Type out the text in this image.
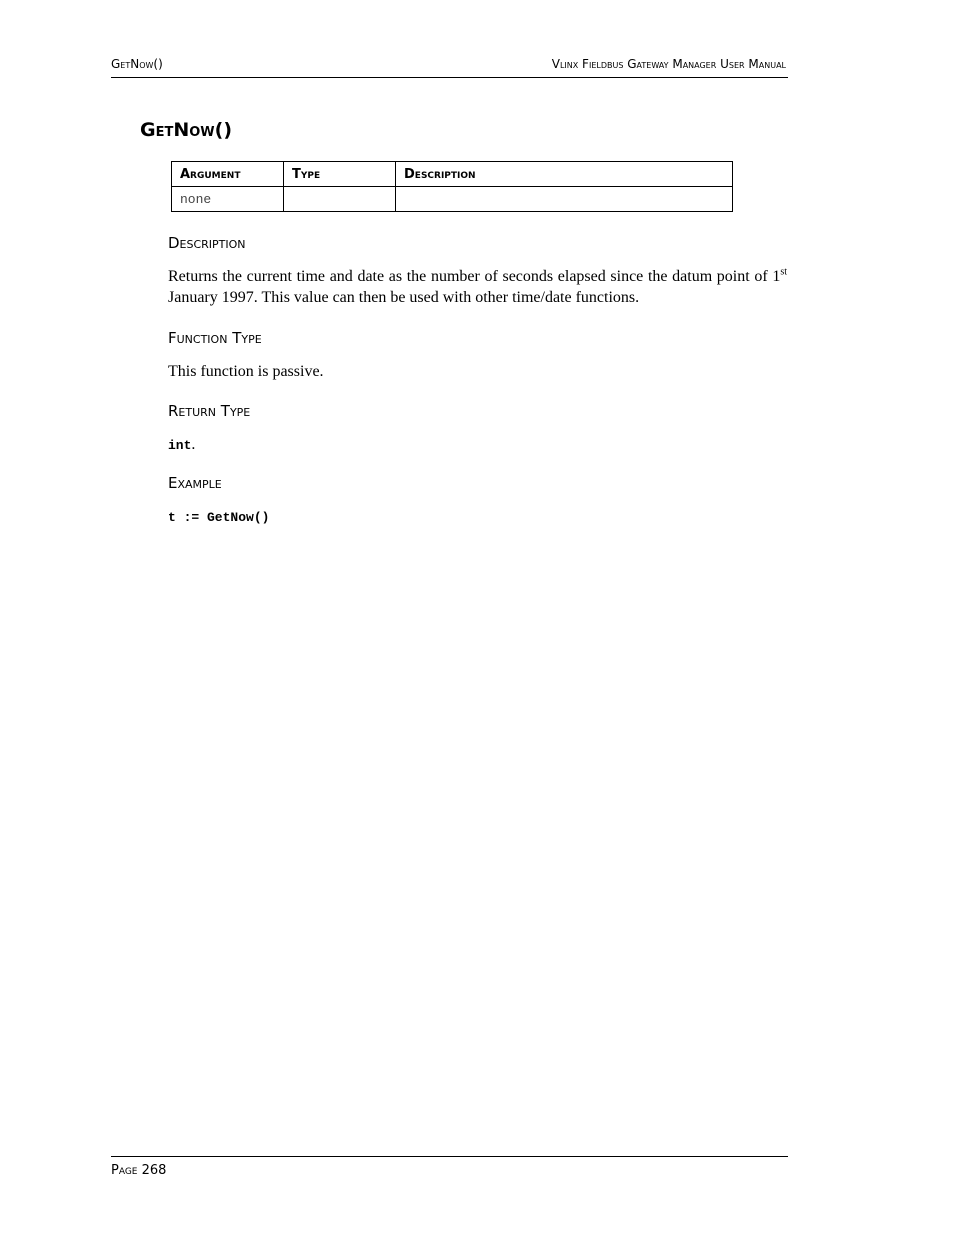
GetNow()	Vlinx Fieldbus Gateway Manager User Manual
GetNow()
Argument	Type	Description
none		
Description

Returns the current time and date as the number of seconds elapsed since the datum point of 1st January 1997. This value can then be used with other time/date functions.

Function Type

This function is passive.

Return Type

int.

Example

t := GetNow()

Page 268
